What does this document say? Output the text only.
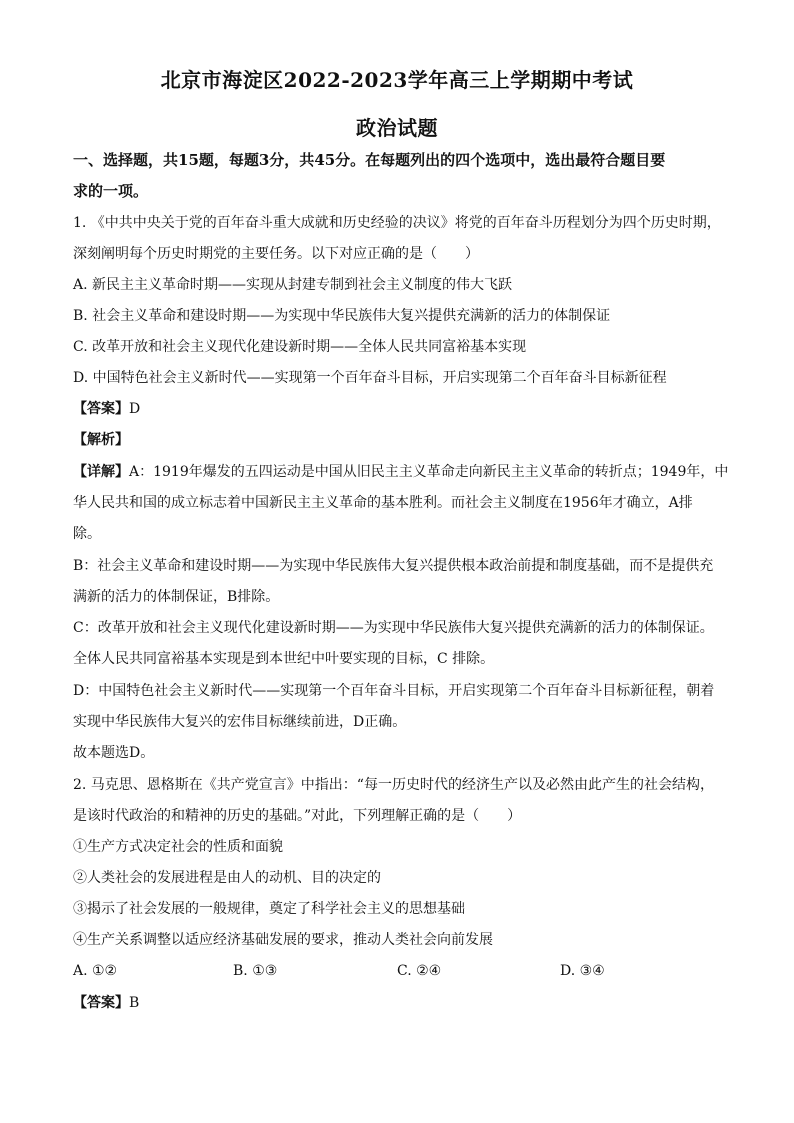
北京市海淀区2022-2023学年高三上学期期中考试
政治试题
一、选择题，共15题，每题3分，共45分。在每题列出的四个选项中，选出最符合题目要
求的一项。
1. 《中共中央关于党的百年奋斗重大成就和历史经验的决议》将党的百年奋斗历程划分为四个历史时期，
深刻阐明每个历史时期党的主要任务。以下对应正确的是（　　）
A. 新民主主义革命时期——实现从封建专制到社会主义制度的伟大飞跃
B. 社会主义革命和建设时期——为实现中华民族伟大复兴提供充满新的活力的体制保证
C. 改革开放和社会主义现代化建设新时期——全体人民共同富裕基本实现
D. 中国特色社会主义新时代——实现第一个百年奋斗目标，开启实现第二个百年奋斗目标新征程
【答案】D
【解析】
【详解】A：1919年爆发的五四运动是中国从旧民主主义革命走向新民主主义革命的转折点；1949年，中
华人民共和国的成立标志着中国新民主主义革命的基本胜利。而社会主义制度在1956年才确立，A排
除。
B：社会主义革命和建设时期——为实现中华民族伟大复兴提供根本政治前提和制度基础，而不是提供充
满新的活力的体制保证，B排除。
C：改革开放和社会主义现代化建设新时期——为实现中华民族伟大复兴提供充满新的活力的体制保证。
全体人民共同富裕基本实现是到本世纪中叶要实现的目标，C 排除。
D：中国特色社会主义新时代——实现第一个百年奋斗目标，开启实现第二个百年奋斗目标新征程，朝着
实现中华民族伟大复兴的宏伟目标继续前进，D正确。
故本题选D。
2. 马克思、恩格斯在《共产党宣言》中指出：“每一历史时代的经济生产以及必然由此产生的社会结构，
是该时代政治的和精神的历史的基础。”对此，下列理解正确的是（　　）
①生产方式决定社会的性质和面貌
②人类社会的发展进程是由人的动机、目的决定的
③揭示了社会发展的一般规律，奠定了科学社会主义的思想基础
④生产关系调整以适应经济基础发展的要求，推动人类社会向前发展
A. ①②	B. ①③	C. ②④	D. ③④
【答案】B
